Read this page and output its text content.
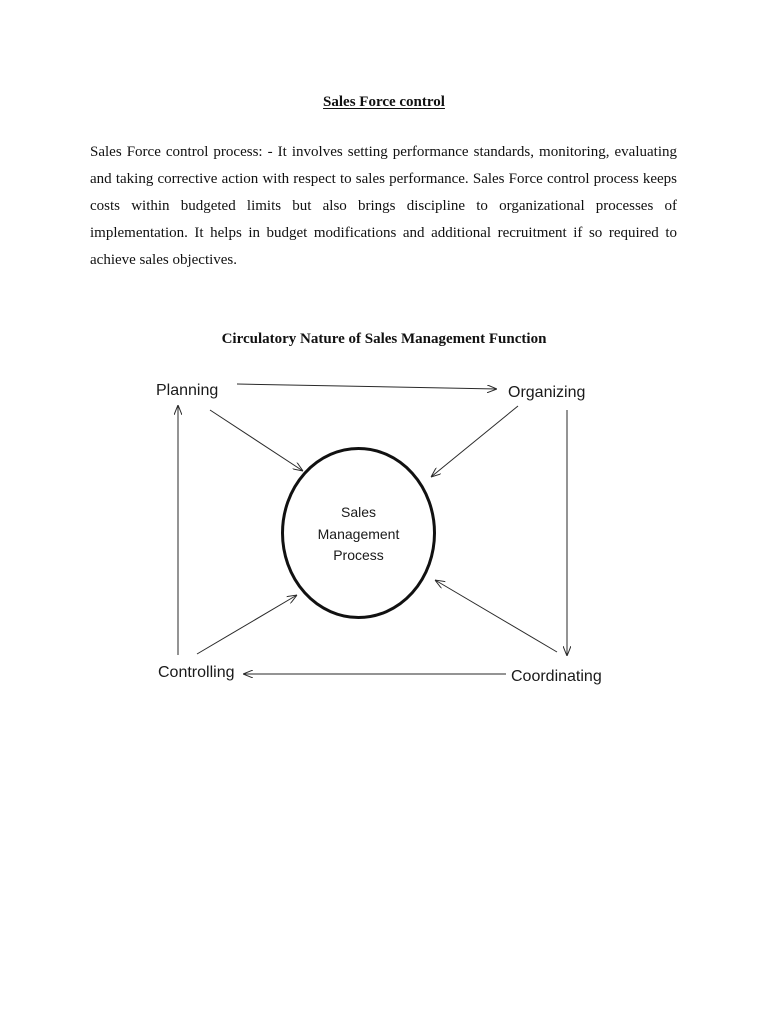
Sales Force control
Sales Force control process: - It involves setting performance standards, monitoring, evaluating
and taking corrective action with respect to sales performance. Sales Force control process keeps
costs within budgeted limits but also brings discipline to organizational processes of
implementation. It helps in budget modifications and additional recruitment if so required to
achieve sales objectives.
Circulatory Nature of Sales Management Function
Planning	Organizing
Controlling	Coordinating
Sales
Management
Process
